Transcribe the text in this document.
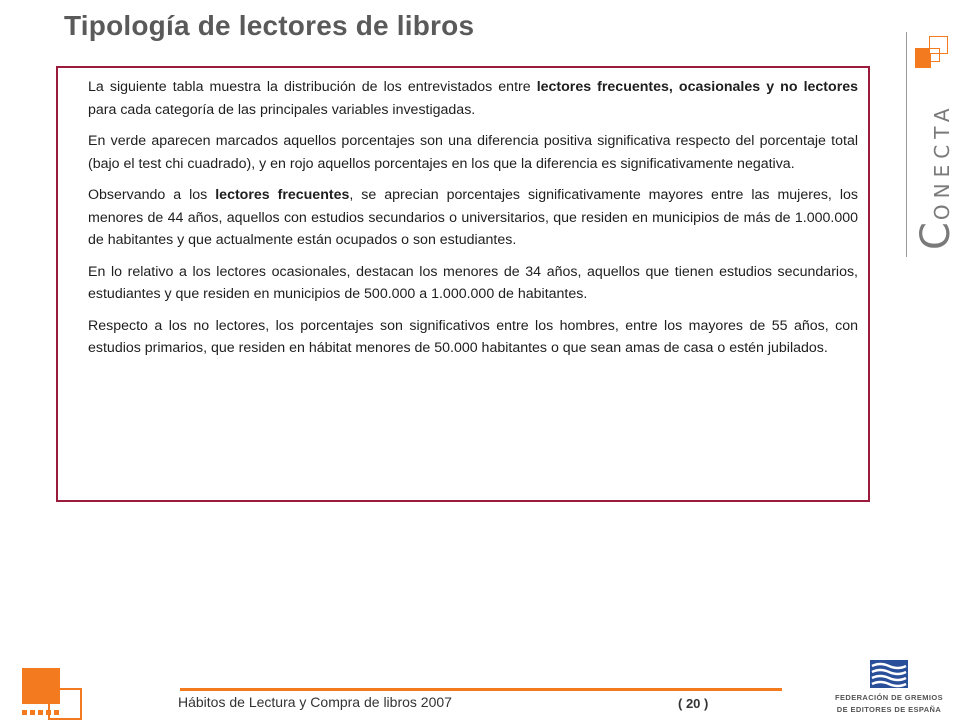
Tipología de lectores de libros

La siguiente tabla muestra la distribución de los entrevistados entre lectores frecuentes, ocasionales y no lectores para cada categoría de las principales variables investigadas.

En verde aparecen marcados aquellos porcentajes son una diferencia positiva significativa respecto del porcentaje total (bajo el test chi cuadrado), y en rojo aquellos porcentajes en los que la diferencia es significativamente negativa.

Observando a los lectores frecuentes, se aprecian porcentajes significativamente mayores entre las mujeres, los menores de 44 años, aquellos con estudios secundarios o universitarios, que residen en municipios de más de 1.000.000 de habitantes y que actualmente están ocupados o son estudiantes.

En lo relativo a los lectores ocasionales, destacan los menores de 34 años, aquellos que tienen estudios secundarios, estudiantes y que residen en municipios de 500.000 a 1.000.000 de habitantes.

Respecto a los no lectores, los porcentajes son significativos entre los hombres, entre los mayores de 55 años, con estudios primarios, que residen en hábitat menores de 50.000 habitantes o que sean amas de casa o estén jubilados.

CONECTA
Hábitos de Lectura y Compra de libros 2007	( 20 )	FEDERACIÓN DE GREMIOS
DE EDITORES DE ESPAÑA
